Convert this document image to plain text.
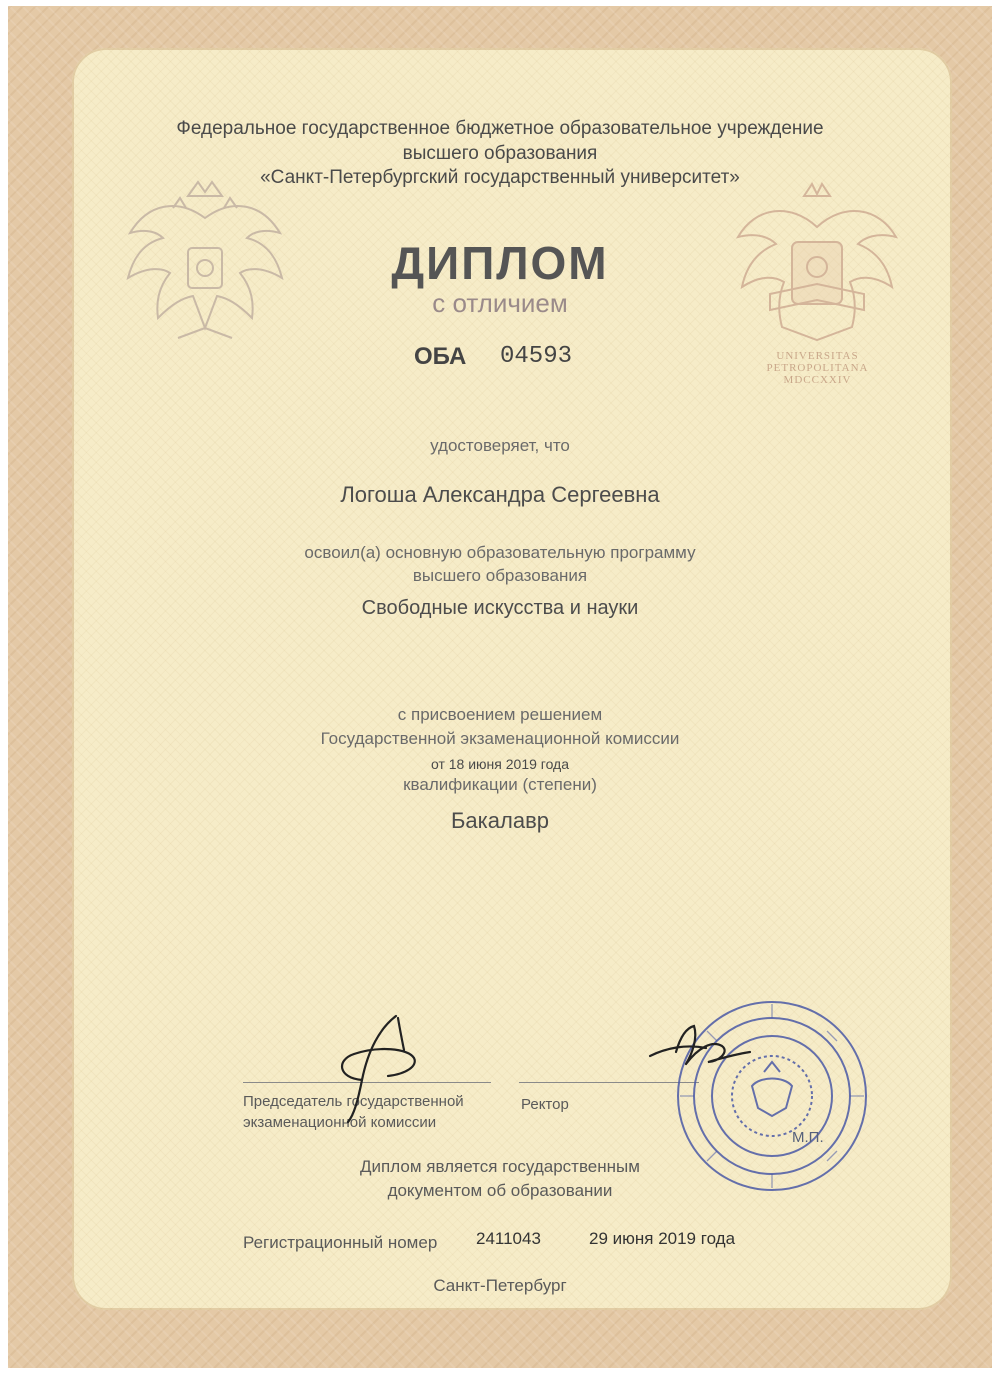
Федеральное государственное бюджетное образовательное учреждение
высшего образования
«Санкт-Петербургский государственный университет»
UNIVERSITAS
PETROPOLITANA
MDCCXXIV
ДИПЛОМ
с отличием
ОБА 04593
удостоверяет, что
Логоша Александра Сергеевна
освоил(а) основную образовательную программу
высшего образования
Свободные искусства и науки
с присвоением решением
Государственной экзаменационной комиссии
от 18 июня 2019 года
квалификации (степени)
Бакалавр
Председатель государственной
экзаменационной комиссии
Ректор
М.П.
Диплом является государственным
документом об образовании
Регистрационный номер 2411043	29 июня 2019 года
Санкт-Петербург
